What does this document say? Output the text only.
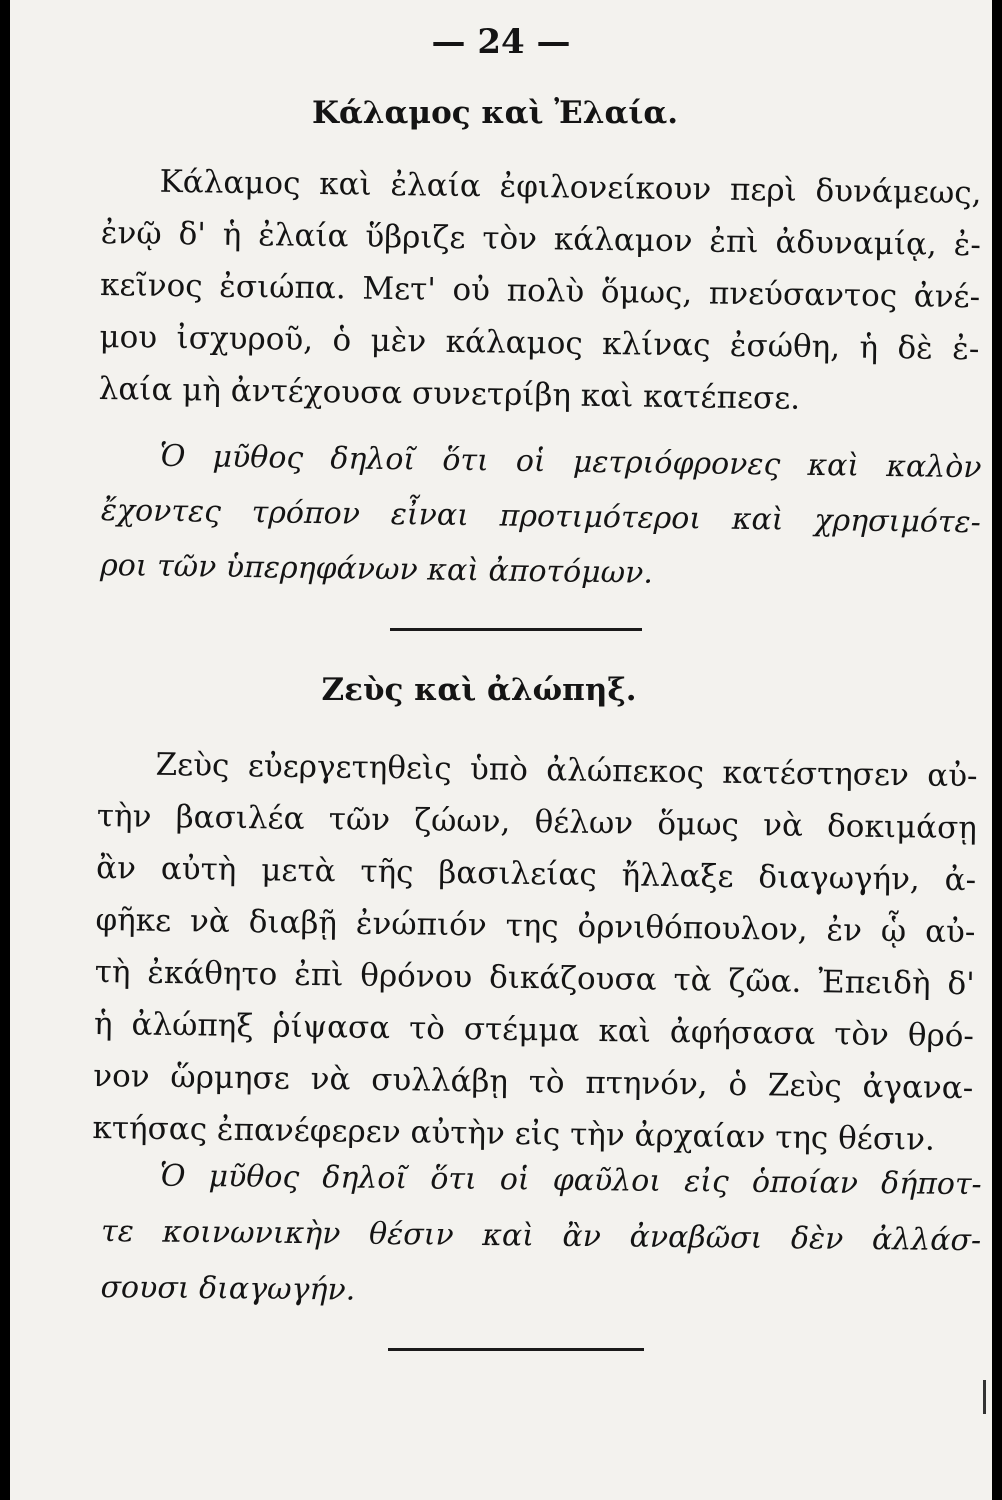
— 24 —
Κάλαμος καὶ Ἐλαία.
Κάλαμος καὶ ἐλαία ἐφιλονείκουν περὶ δυνάμεως,
ἐνῷ δ' ἡ ἐλαία ὕβριζε τὸν κάλαμον ἐπὶ ἀδυναμίᾳ, ἐ-
κεῖνος ἐσιώπα. Μετ' οὐ πολὺ ὅμως, πνεύσαντος ἀνέ-
μου ἰσχυροῦ, ὁ μὲν κάλαμος κλίνας ἐσώθη, ἡ δὲ ἐ-
λαία μὴ ἀντέχουσα συνετρίβη καὶ κατέπεσε.
Ὁ μῦθος δηλοῖ ὅτι οἱ μετριόφρονες καὶ καλὸν
ἔχοντες τρόπον εἶναι προτιμότεροι καὶ χρησιμότε-
ροι τῶν ὑπερηφάνων καὶ ἀποτόμων.
Ζεὺς καὶ ἀλώπηξ.
Ζεὺς εὐεργετηθεὶς ὑπὸ ἀλώπεκος κατέστησεν αὐ-
τὴν βασιλέα τῶν ζώων, θέλων ὅμως νὰ δοκιμάσῃ
ἂν αὐτὴ μετὰ τῆς βασιλείας ἤλλαξε διαγωγήν, ἀ-
φῆκε νὰ διαβῇ ἐνώπιόν της ὀρνιθόπουλον, ἐν ᾧ αὐ-
τὴ ἐκάθητο ἐπὶ θρόνου δικάζουσα τὰ ζῶα. Ἐπειδὴ δ'
ἡ ἀλώπηξ ῥίψασα τὸ στέμμα καὶ ἀφήσασα τὸν θρό-
νον ὥρμησε νὰ συλλάβῃ τὸ πτηνόν, ὁ Ζεὺς ἀγανα-
κτήσας ἐπανέφερεν αὐτὴν εἰς τὴν ἀρχαίαν της θέσιν.
Ὁ μῦθος δηλοῖ ὅτι οἱ φαῦλοι εἰς ὁποίαν δήποτ-
τε κοινωνικὴν θέσιν καὶ ἂν ἀναβῶσι δὲν ἀλλάσ-
σουσι διαγωγήν.
